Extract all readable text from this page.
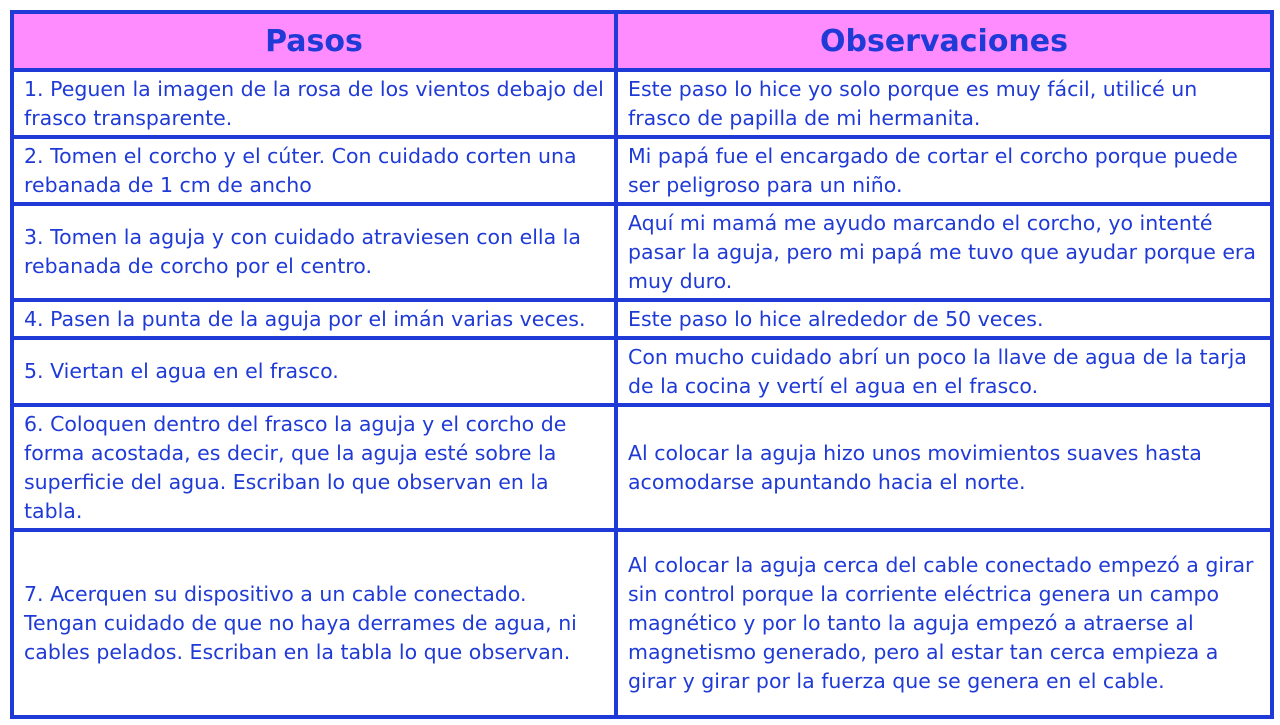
Pasos	Observaciones
1. Peguen la imagen de la rosa de los vientos debajo del frasco transparente.	Este paso lo hice yo solo porque es muy fácil, utilicé un frasco de papilla de mi hermanita.
2. Tomen el corcho y el cúter. Con cuidado corten una rebanada de 1 cm de ancho	Mi papá fue el encargado de cortar el corcho porque puede ser peligroso para un niño.
3. Tomen la aguja y con cuidado atraviesen con ella la rebanada de corcho por el centro.	Aquí mi mamá me ayudo marcando el corcho, yo intenté pasar la aguja, pero mi papá me tuvo que ayudar porque era muy duro.
4. Pasen la punta de la aguja por el imán varias veces.	Este paso lo hice alrededor de 50 veces.
5. Viertan el agua en el frasco.	Con mucho cuidado abrí un poco la llave de agua de la tarja de la cocina y vertí el agua en el frasco.
6. Coloquen dentro del frasco la aguja y el corcho de forma acostada, es decir, que la aguja esté sobre la superficie del agua. Escriban lo que observan en la tabla.	Al colocar la aguja hizo unos movimientos suaves hasta acomodarse apuntando hacia el norte.
7. Acerquen su dispositivo a un cable conectado. Tengan cuidado de que no haya derrames de agua, ni cables pelados. Escriban en la tabla lo que observan.	Al colocar la aguja cerca del cable conectado empezó a girar sin control porque la corriente eléctrica genera un campo magnético y por lo tanto la aguja empezó a atraerse al magnetismo generado, pero al estar tan cerca empieza a girar y girar por la fuerza que se genera en el cable.
